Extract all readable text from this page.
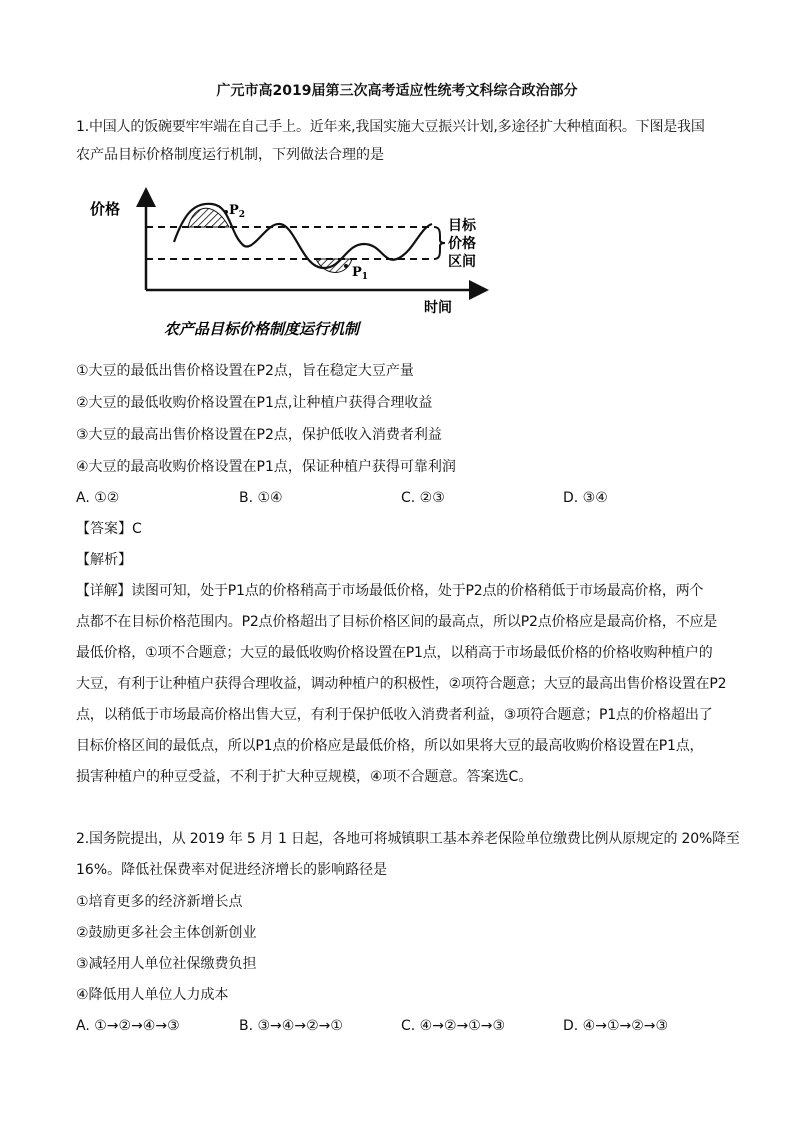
广元市高2019届第三次高考适应性统考文科综合政治部分
1.中国人的饭碗要牢牢端在自己手上。近年来,我国实施大豆振兴计划,多途径扩大种植面积。下图是我国
农产品目标价格制度运行机制，下列做法合理的是
价格
时间
$P_2$
$P_1$
目标
价格
区间
农产品目标价格制度运行机制
①大豆的最低出售价格设置在P2点，旨在稳定大豆产量
②大豆的最低收购价格设置在P1点,让种植户获得合理收益
③大豆的最高出售价格设置在P2点，保护低收入消费者利益
④大豆的最高收购价格设置在P1点，保证种植户获得可靠利润
A. ①②	B. ①④	C. ②③	D. ③④
【答案】C
【解析】
【详解】读图可知，处于P1点的价格稍高于市场最低价格，处于P2点的价格稍低于市场最高价格，两个
点都不在目标价格范围内。P2点价格超出了目标价格区间的最高点，所以P2点价格应是最高价格，不应是
最低价格，①项不合题意；大豆的最低收购价格设置在P1点，以稍高于市场最低价格的价格收购种植户的
大豆，有利于让种植户获得合理收益，调动种植户的积极性，②项符合题意；大豆的最高出售价格设置在P2
点，以稍低于市场最高价格出售大豆，有利于保护低收入消费者利益，③项符合题意；P1点的价格超出了
目标价格区间的最低点，所以P1点的价格应是最低价格，所以如果将大豆的最高收购价格设置在P1点，
损害种植户的种豆受益，不利于扩大种豆规模，④项不合题意。答案选C。
2.国务院提出，从 2019 年 5 月 1 日起，各地可将城镇职工基本养老保险单位缴费比例从原规定的 20%降至
16%。降低社保费率对促进经济增长的影响路径是
①培育更多的经济新增长点
②鼓励更多社会主体创新创业
③减轻用人单位社保缴费负担
④降低用人单位人力成本
A. ①→②→④→③	B. ③→④→②→①	C. ④→②→①→③	D. ④→①→②→③
